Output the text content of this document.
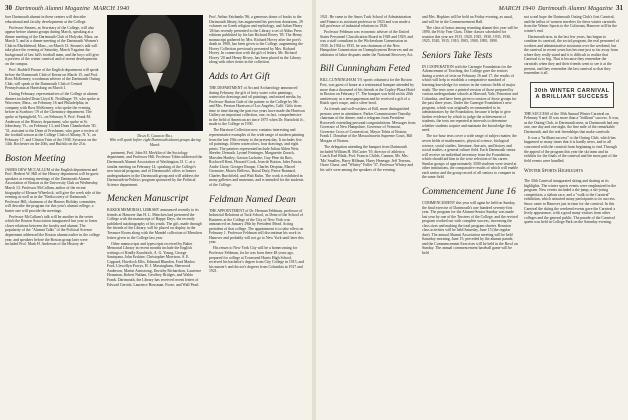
30 Dartmouth Alumni Magazine MARCH 1940

fore Dartmouth alumni in these centers will describe educational and faculty developments at the College.

Professor Stearns, as Secretary of the College, will also appear before alumni groups during March, speaking at a dinner meeting of the Dartmouth Club of Holyoke, Mass. on March 5, and at a dinner meeting of the Dartmouth Women's Club in Marblehead, Mass., on March 13. Stearns's talk will take place the evening of Saturday, March 9 against the background of last fall's football team, and the boys will give a preview of the winter carnival and of recent developments on the campus.

Prof. Roddell Prouse of the English department will speak before the Dartmouth Club of Keene on March 15, and Prof. Ross McKenney, woodsman adviser of the Dartmouth Outing Club, will speak at the Dartmouth Club of Central Pennsylvania at Harrisburg on March 1.

During February, representatives of the College at alumni dinners included Dean Lloyd K. Neidlinger '19, who spoke at Worcester, Mass., on February 16 and Philadelphia, in company with Ross McKenney, who spoke the evening before at Scarboro '19 of the Chemistry department. The spoke at Springfield, Vt., on February 9. Prof. Frank M. Anderson of the History department, who spoke at St. Johnsbury, Vt., on February 13, and Dean Chamberlain '30, '31, assistant to the Dean of Freshmen, who gave a review of the football season at the College Club of Albany, N. Y., on February 17, and Clinton Trim of the 1938, Syracuse on the 14th. Rochester on the 20th, and Buffalo on the 21st.

Boston Meeting

JAMES DEW MCCALLUM of the English department and Prof. Herbert W. Hill of the History department will be guest speakers at evening meetings of the Dartmouth Alumni Association of Boston at the University Club on Wednesday, March 13. Professor McCallum, author of the recent biography of Eleazar Wheelock, will give the week side of the evening as well as in the "Rediscovery of Dartmouth." Professor Hill, chairman of the Honors Holiday committee, will describe the program for this year's alumni college, a busier one will provide the meetings.

Professor McCallum's talk will be another in the series which the Boston Association inaugurated last year to foster closer relations between the faculty and alumni. The popularity of the "Alumni Talks" of the Political Science department addressed the Boston alumni earlier in the college year, and speakers before the Boston group later were included Prof. Mark H. Anderson of the History de-

Dean E. Gordon Bill
Who will speak before eight Dartmouth alumni groups during March.

partment, Prof. John M. Mecklin of the Sociology department, and Professor Hill. Professor Tobin addressed the Dartmouth Alumni Association of Washington, D. C. at a similar meeting on February 14, speaking of the College's new tutorial program, and of Dartmouth's offers to honors undergraduates in the Dartmouth group and will address the Dartmouth-in-Politics program sponsored by the Political Science department.

Mencken Manuscript

BAKER MEMORIAL LIBRARY announced recently to its friends at Hanover that H. L. Mencken had presented the College with the manuscript of Happy Days, the recently published autobiography of his youth. The gift, made through the friends of the Library, will be placed on display in the Treasure Room along with the Mandel collection of Mencken letters given to the College last year.

Other manuscripts and typescripts received by Baker Memorial Library in recent months include the English writings of Kindly Kauchtich, A. G. Young, George Santayana, John Erskine, Christopher Morrison, S. E. Coppard, Havelock Ellis, Edmund Blunden, Ford Madox Ford, Llewellyn Powys, H. J. Massingham, Sherwood Anderson, Martin Armstrong, Dorothy Richardson, Laurence Housman, Robert Nathan, Geoffrey Bridges, and Waldo Frank. Dartmouth, the Library has received recent letters of Edward Gerrish, Laurence Housman, Foote, and Wall Pearl.

Prof. Arthur Fairbanks '86, a generous donor of books to the Dartmouth library, has augmented his previous donations, 29 volumes on Greek religion and mythology, and Julian Pleary '26 has recently presented to the Library a set of Aldus Press editions published by his late Richard Hovey '85. The Henry manuscript gathered by Mrs. Richard Hovey after the poet's death in 1900, has been given to the College, augmenting the Hovey Collection previously presented by Mrs. Richard Hovey. In connection with the gift of letters, Mr. Richard Hovey '20 and Henry Hovey, has been placed in the Library along with other items in the collection.

Adds to Art Gift

THE DEPARTMENT of Art and Archaeology announced during February the gift of forty water color paintings, watercolor drawings and oil paintings, and mixed media, by Professor Burton Gale of the painter to the College by Mr. and Mrs. Preston Harrison of Los Angeles, Calif. Gifts from time to time during the past two years have made the Harrison Gallery an important collection, one, in fact, comprehensive in the field of American art since 1875 when Dr. Bartolotti Jr., made to the College in 1930.

The Harrison Collection now contains interesting and representative examples of the wide range of modern painting from the late 19th century to the present day. It includes five oil paintings, fifteen watercolors, four drawings, and eight prints. The painters represented include Julian Alden Weir, Sheeler, Demuth, Lyonel Feininger, Marguerite Zorach, Marsden Hartley, Gaston Lachaise, Guy Pène du Bois, Rockwell Kent, Howard Cook, Jean de Botton, Jules Pascin, Andre Lhote, Georges Braque, Charles Despiau, Marcel Gromaire, Morris Bellows, Raoul Dufy, Pierre Bonnard, Charles Burchfield, and Walt Kuhn. The work is exhibited in many galleries and museums, and is intended for the students of the College.

Feldman Named Dean

THE APPOINTMENT of Dr. Herman Feldman, professor of Industrial Relations at Tuck School, as Dean of the School of Business at the College of the City of New York was announced on January 29th by President Mead. Acting president of that college. The appointment is to take effect on February 1. Professor Feldman will discontinue his work in Hanover and probably will not go to New York until later this year.

His return to New York City will be a homecoming for Professor Feldman, for he was born there 48 years ago, prepared for college at Townsend Harris High School, received his bachelor's degree from City College in 1915, and his master's and doctor's degrees from Columbia in 1917 and 1921.

MARCH 1940 Dartmouth Alumni Magazine 31

1921. He came to the Amos Tuck School of Administration and Finance as assistant professor in 1923 and was made a full professor of industrial relations in 1926.

Professor Feldman was economic adviser of the United States Personnel Classification Board in 1928 and 1929, and was a staff consultant to the Wickersham Commission in 1930. In 1934 to 1935, he was chairman of the New Hampshire Commission on Unemployment Reserves and an arbitrator of labor disputes under the National Recovery Act.

Bill Cunningham Feted

BILL CUNNINGHAM '19, sports columnist for the Boston Post, was guest of honor at a testimonial banquet attended by more than a thousand of his friends at the Copley-Plaza Hotel in Boston on February 17. The banquet was held on his 20th anniversary as a newspaperman and he received a gift of a Buick sport coupe, and a silver bowl.

As friends and well-wishers of Bill, more distinguished persons were in attendance. Parker Commissioner Timothy chairman of the dinner, read a telegram from President Roosevelt extending personal congratulations. Messages from Governor of New Hampshire, Governor of Vermont, Governor Cross of Connecticut, Mayor Tobin of Boston, Frank J. Donahue of the Massachusetts Supreme Court, Bill Morgan of Boston.

The delegation attending the banquet from Dartmouth included William H. McCarter '19, director of athletics; Coach Earl Blaik; Prof. Francis Childs, Cannon, Mr. Mrs. 'Ma' Smalley, Harry Hillman, Harry Heneage, Jeff Tesreau, Ozzie Chase, and "Whitey" Fuller '37, Professor Whitey and his wife were among the speakers of the evening.

and Mrs. Hopkins will be held on Friday evening, as usual, and will be in the Commencement Ball.

The class of honor among reuniting alumni this year will be 1890, the Fifty Year Class. Other classes scheduled for reunion this year are 1915, 1920, 1925, 1930, 1935, 1930, 1925, 1920, 1915, 1910, 1905, 1900, 1895, 1890.

Seniors Take Tests

IN COOPERATION with the Carnegie Foundation for the Advancement of Teaching, the College gave the seniors during a series of tests on February 16 and 17, the results of which will help to establish a comparative standard of learning knowledge for seniors in the various fields of major study. The tests were a printed version of those prepared by various undergraduate schools at Harvard, Yale, Princeton and Columbia, and have been given to seniors of those groups for the past three years. Under the Carnegie Foundation's new program, which was originally recommended to its administrators by the Foundation, because it helps to give further evidence by which to judge the achievement of students, the tests are repeated at intervals to determine whether students acquire and maintain the knowledge they need.

The six-hour tests cover a wide range of subject matter, the seven fields of mathematics, physical science, biological science, social studies, literature, fine arts, and history and social studies, a general culture field. Each Dartmouth senior will receive an individual inventory from the Foundation, which should aid him in the wise selection of his career. Similar groups of approximately 3500 students were tested at other institutions, the comparative results of which will enable each senior and the group record of all seniors to compare in the same field.

Commencement June 16

COMMENCEMENT this year will again be held on Sunday, the final exercise of Dartmouth's one hundred seventy-first year. The program for the Alumni-Senior Sunday was made last year by one of the Trustees of the College, and the revised program worked out with complete success, increasing the class sizes and making the total program shorter. Reunion class activities will be held Saturday, June 15 (the regular date). The annual Alumni Association meeting will be held Saturday morning, June 15, preceded by the alumni parade, and the Commencement Exercises will be held in the Bowl on Sunday. The annual commencement baseball game will be held

not a real hope the Dartmouth Outing Club's first Carnival, and the influx of women travelers for these winter carnivals from the Winter Sports to the Coliseum, Hanover will be the winter's end.

Dartmouth now, in the last few years, has begun to combine its carnival, the social program, the real personnel of workers and administrative assistants over the weekend, but the carnival in recent years has become just so far away from where they really stand and it is difficult to realize that Carnival is so big. That is because they remember the carnivals when they and their friends went to see it at the present, and they remember the last carnival so that they remember it all.

30th WINTER CARNIVAL
A BRILLIANT SUCCESS

THE SUCCESS of the 30th Annual Winter Carnival on February 9 and 10 was more than a "brilliant" success. It was, as the Outing Club, to Dartmouth men, as Dartmouth had any one, one day and one night, the fine mile of the remarkable Dartmouth, and the real friendships that make carnivals.

It was a "brilliant success" to the Outing Club, which has happened so many times that it is hardly news, and to all concerned with the carnival from beginning to end. Through the appeal of the program this year the ski team and its exhibits for the finals of the carnival and the most part of the field events were handled.

Winter Sports Highlights

The 30th Carnival inaugurated skiing and skating as its highlights. The winter sports events were emphasized in the program. New events included a ski-jump, a ski-joring competition, a slalom race, and a "walk to the Carnival" exhibition, which attracted many participants to its success. Snow came to Hanover just in time for the carnival. In this Carnival the skiing the weekend events gave the Carnival a lively appearance, with a good many visitors from other colleges and the general public. The parade of the Carnival queen was held in College Park on the Saturday evening.
